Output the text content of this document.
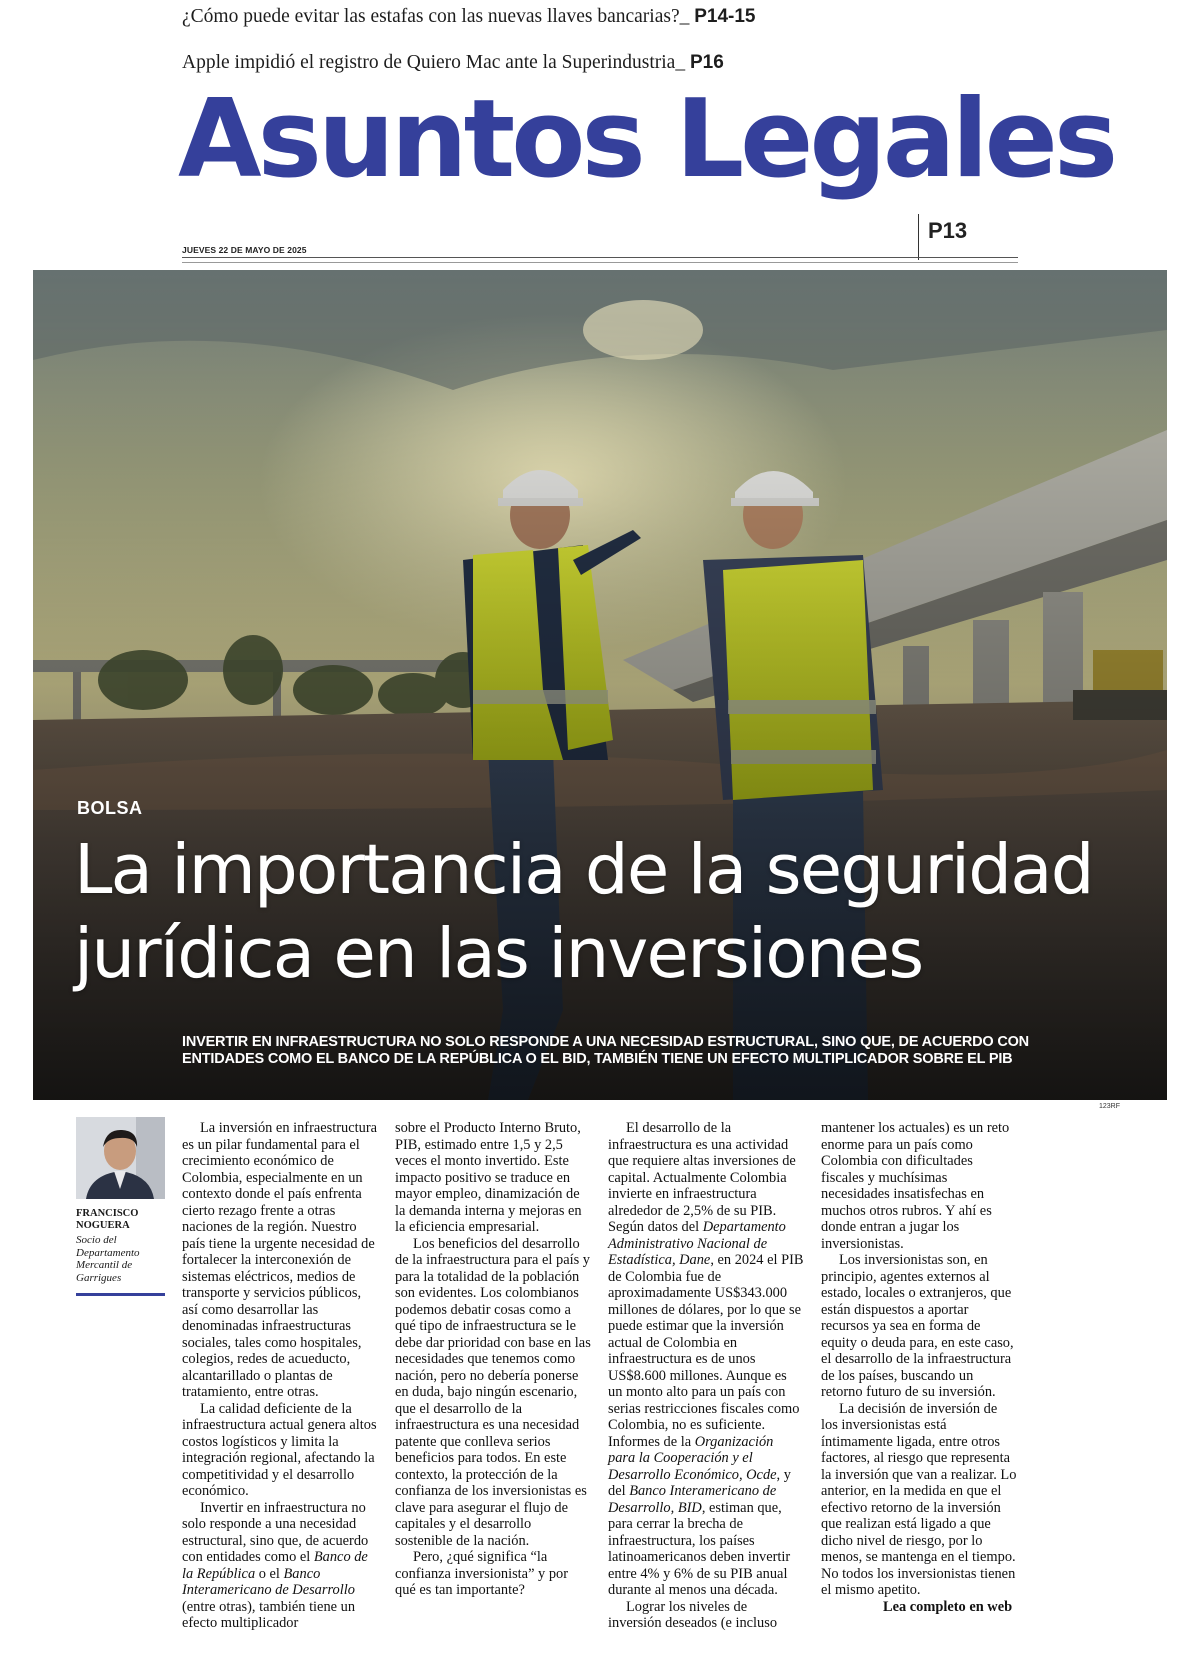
¿Cómo puede evitar las estafas con las nuevas llaves bancarias?_ P14-15
Apple impidió el registro de Quiero Mac ante la Superindustria_ P16
Asuntos Legales
P13
JUEVES 22 DE MAYO DE 2025
BOLSA
La importancia de la seguridad jurídica en las inversiones
INVERTIR EN INFRAESTRUCTURA NO SOLO RESPONDE A UNA NECESIDAD ESTRUCTURAL, SINO QUE, DE ACUERDO CON ENTIDADES COMO EL BANCO DE LA REPÚBLICA O EL BID, TAMBIÉN TIENE UN EFECTO MULTIPLICADOR SOBRE EL PIB
123RF
FRANCISCO NOGUERA
Socio del Departamento Mercantil de Garrigues

La inversión en infraestructura es un pilar fundamental para el crecimiento económico de Colombia, especialmente en un contexto donde el país enfrenta cierto rezago frente a otras naciones de la región. Nuestro país tiene la urgente necesidad de fortalecer la interconexión de sistemas eléctricos, medios de transporte y servicios públicos, así como desarrollar las denominadas infraestructuras sociales, tales como hospitales, colegios, redes de acueducto, alcantarillado o plantas de tratamiento, entre otras.

La calidad deficiente de la infraestructura actual genera altos costos logísticos y limita la integración regional, afectando la competitividad y el desarrollo económico.

Invertir en infraestructura no solo responde a una necesidad estructural, sino que, de acuerdo con entidades como el Banco de la República o el Banco Interamericano de Desarrollo (entre otras), también tiene un efecto multiplicador

sobre el Producto Interno Bruto, PIB, estimado entre 1,5 y 2,5 veces el monto invertido. Este impacto positivo se traduce en mayor empleo, dinamización de la demanda interna y mejoras en la eficiencia empresarial.

Los beneficios del desarrollo de la infraestructura para el país y para la totalidad de la población son evidentes. Los colombianos podemos debatir cosas como a qué tipo de infraestructura se le debe dar prioridad con base en las necesidades que tenemos como nación, pero no debería ponerse en duda, bajo ningún escenario, que el desarrollo de la infraestructura es una necesidad patente que conlleva serios beneficios para todos. En este contexto, la protección de la confianza de los inversionistas es clave para asegurar el flujo de capitales y el desarrollo sostenible de la nación.

Pero, ¿qué significa “la confianza inversionista” y por qué es tan importante?

El desarrollo de la infraestructura es una actividad que requiere altas inversiones de capital. Actualmente Colombia invierte en infraestructura alrededor de 2,5% de su PIB. Según datos del Departamento Administrativo Nacional de Estadística, Dane, en 2024 el PIB de Colombia fue de aproximadamente US$343.000 millones de dólares, por lo que se puede estimar que la inversión actual de Colombia en infraestructura es de unos US$8.600 millones. Aunque es un monto alto para un país con serias restricciones fiscales como Colombia, no es suficiente. Informes de la Organización para la Cooperación y el Desarrollo Económico, Ocde, y del Banco Interamericano de Desarrollo, BID, estiman que, para cerrar la brecha de infraestructura, los países latinoamericanos deben invertir entre 4% y 6% de su PIB anual durante al menos una década.

Lograr los niveles de inversión deseados (e incluso

mantener los actuales) es un reto enorme para un país como Colombia con dificultades fiscales y muchísimas necesidades insatisfechas en muchos otros rubros. Y ahí es donde entran a jugar los inversionistas.

Los inversionistas son, en principio, agentes externos al estado, locales o extranjeros, que están dispuestos a aportar recursos ya sea en forma de equity o deuda para, en este caso, el desarrollo de la infraestructura de los países, buscando un retorno futuro de su inversión.

La decisión de inversión de los inversionistas está íntimamente ligada, entre otros factores, al riesgo que representa la inversión que van a realizar. Lo anterior, en la medida en que el efectivo retorno de la inversión que realizan está ligado a que dicho nivel de riesgo, por lo menos, se mantenga en el tiempo. No todos los inversionistas tienen el mismo apetito.

Lea completo en web
